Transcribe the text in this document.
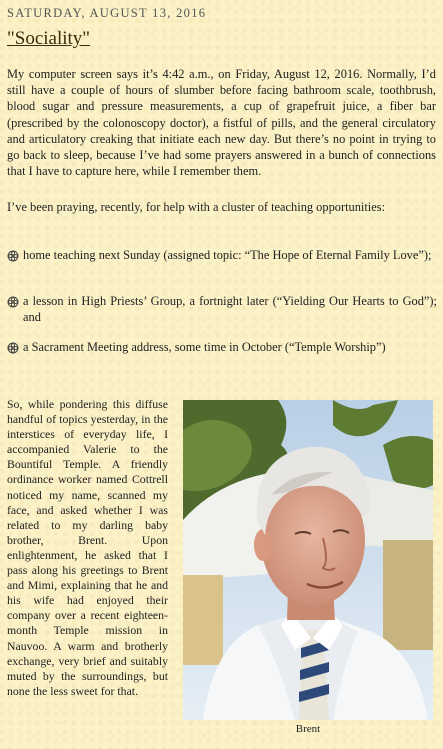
SATURDAY, AUGUST 13, 2016
"Sociality"
My computer screen says it’s 4:42 a.m., on Friday, August 12, 2016. Normally, I’d still have a couple of hours of slumber before facing bathroom scale, toothbrush, blood sugar and pressure measurements, a cup of grapefruit juice, a fiber bar (prescribed by the colonoscopy doctor), a fistful of pills, and the general circulatory and articulatory creaking that initiate each new day. But there’s no point in trying to go back to sleep, because I’ve had some prayers answered in a bunch of connections that I have to capture here, while I remember them.
I’ve been praying, recently, for help with a cluster of teaching opportunities:
home teaching next Sunday (assigned topic: “The Hope of Eternal Family Love”);
a lesson in High Priests’ Group, a fortnight later (“Yielding Our Hearts to God”); and
a Sacrament Meeting address, some time in October (“Temple Worship”)
So, while pondering this diffuse handful of topics yesterday, in the interstices of everyday life, I accompanied Valerie to the Bountiful Temple. A friendly ordinance worker named Cottrell noticed my name, scanned my face, and asked whether I was related to my darling baby brother, Brent. Upon enlightenment, he asked that I pass along his greetings to Brent and Mimi, explaining that he and his wife had enjoyed their company over a recent eighteen-month Temple mission in Nauvoo. A warm and brotherly exchange, very brief and suitably muted by the surroundings, but none the less sweet for that.
Brent
